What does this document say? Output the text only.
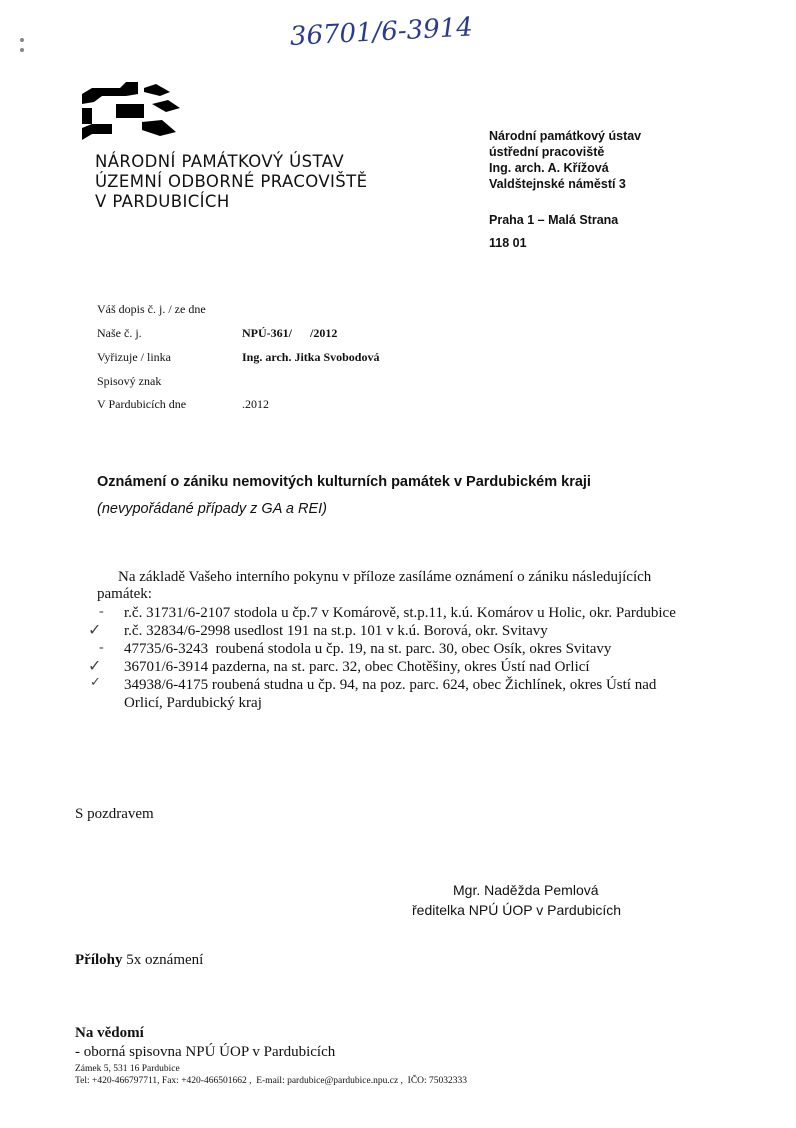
36701/6-3914
NÁRODNÍ PAMÁTKOVÝ ÚSTAV
ÚZEMNÍ ODBORNÉ PRACOVIŠTĚ
V PARDUBICÍCH
Národní památkový ústav
ústřední pracoviště
Ing. arch. A. Křížová
Valdštejnské náměstí 3
Praha 1 – Malá Strana
118 01
Váš dopis č. j. / ze dne
Naše č. j.	NPÚ-361/      /2012
Vyřizuje / linka	Ing. arch. Jitka Svobodová
Spisový znak
V Pardubicích dne	.2012
Oznámení o zániku nemovitých kulturních památek v Pardubickém kraji
(nevypořádané případy z GA a REI)
Na základě Vašeho interního pokynu v příloze zasíláme oznámení o zániku následujících
památek:
- r.č. 31731/6-2107 stodola u čp.7 v Komárově, st.p.11, k.ú. Komárov u Holic, okr. Pardubice
✓ r.č. 32834/6-2998 usedlost 191 na st.p. 101 v k.ú. Borová, okr. Svitavy
- 47735/6-3243  roubená stodola u čp. 19, na st. parc. 30, obec Osík, okres Svitavy
✓ 36701/6-3914 pazderna, na st. parc. 32, obec Chotěšiny, okres Ústí nad Orlicí
✓ 34938/6-4175 roubená studna u čp. 94, na poz. parc. 624, obec Žichlínek, okres Ústí nad
Orlicí, Pardubický kraj
S pozdravem
Mgr. Naděžda Pemlová
ředitelka NPÚ ÚOP v Pardubicích
Přílohy 5x oznámení
Na vědomí
- oborná spisovna NPÚ ÚOP v Pardubicích
Zámek 5, 531 16 Pardubice
Tel: +420-466797711, Fax: +420-466501662 ,  E-mail: pardubice@pardubice.npu.cz ,  IČO: 75032333
